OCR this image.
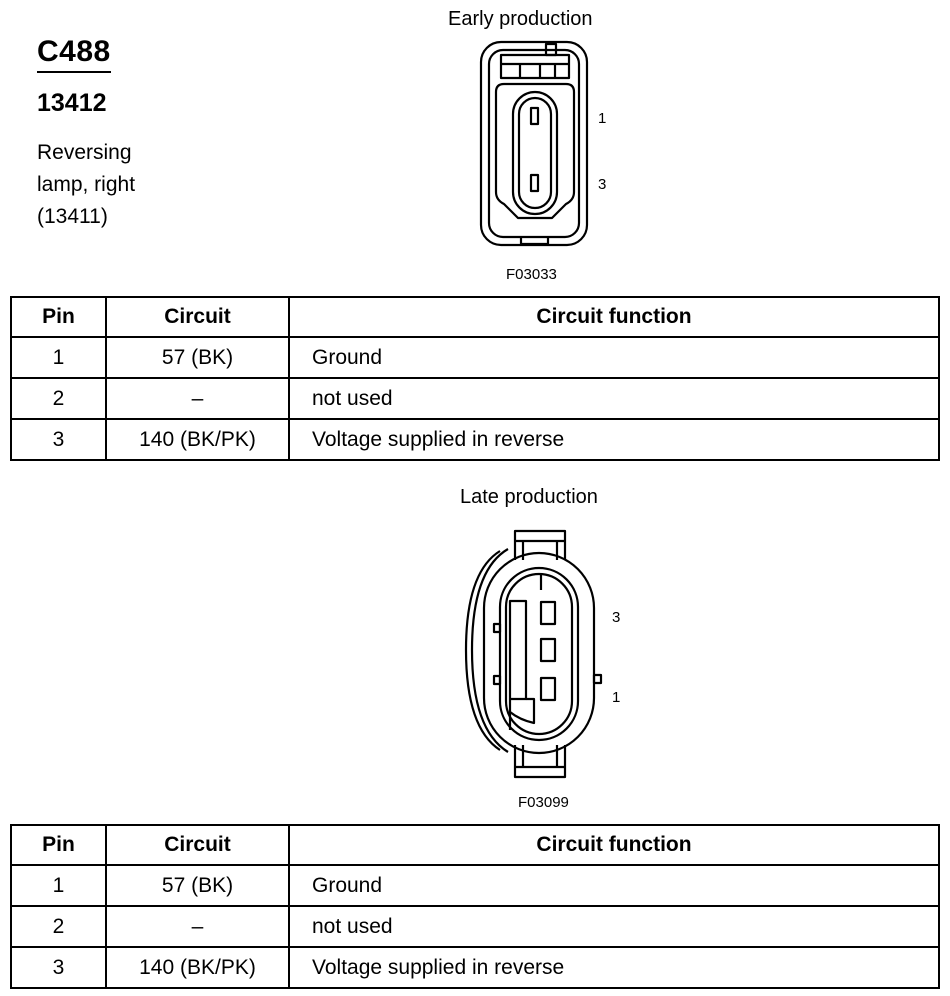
C488
13412
Reversing
lamp, right
(13411)
Early production
1
3
F03033
Pin	Circuit	Circuit function
1	57 (BK)	Ground
2	–	not used
3	140 (BK/PK)	Voltage supplied in reverse
Late production
3
1
F03099
Pin	Circuit	Circuit function
1	57 (BK)	Ground
2	–	not used
3	140 (BK/PK)	Voltage supplied in reverse
